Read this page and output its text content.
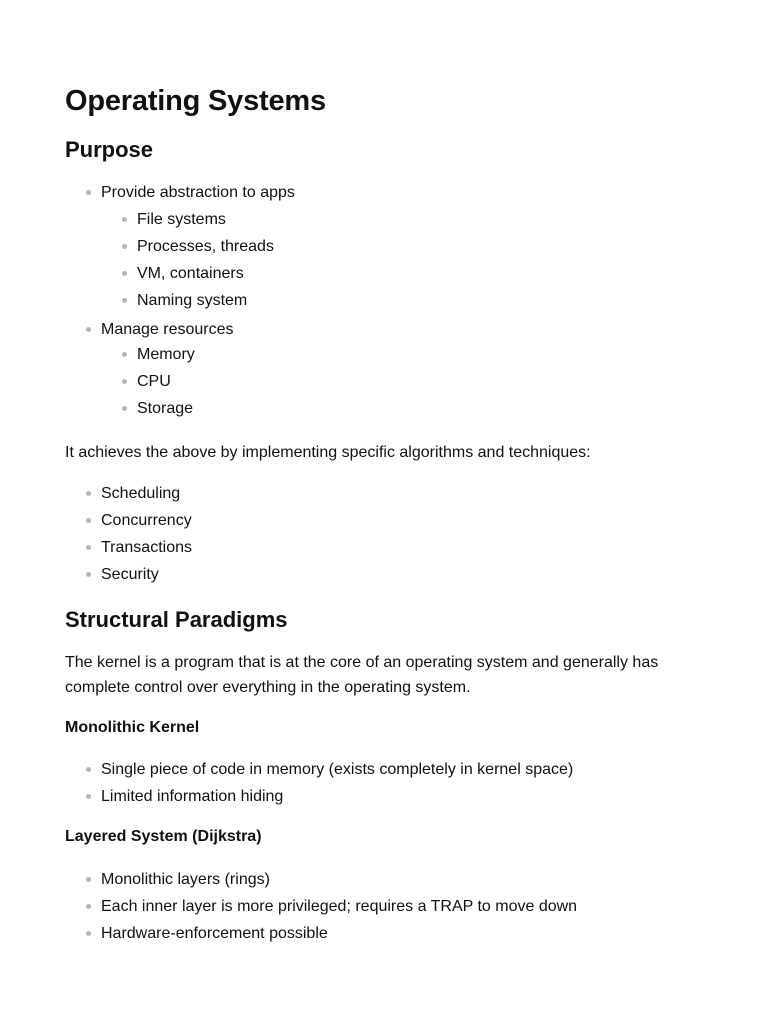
Operating Systems
Purpose
Provide abstraction to apps
File systems
Processes, threads
VM, containers
Naming system
Manage resources
Memory
CPU
Storage

It achieves the above by implementing specific algorithms and techniques:

Scheduling
Concurrency
Transactions
Security
Structural Paradigms

The kernel is a program that is at the core of an operating system and generally has complete control over everything in the operating system.

Monolithic Kernel
Single piece of code in memory (exists completely in kernel space)
Limited information hiding
Layered System (Dijkstra)
Monolithic layers (rings)
Each inner layer is more privileged; requires a TRAP to move down
Hardware-enforcement possible
